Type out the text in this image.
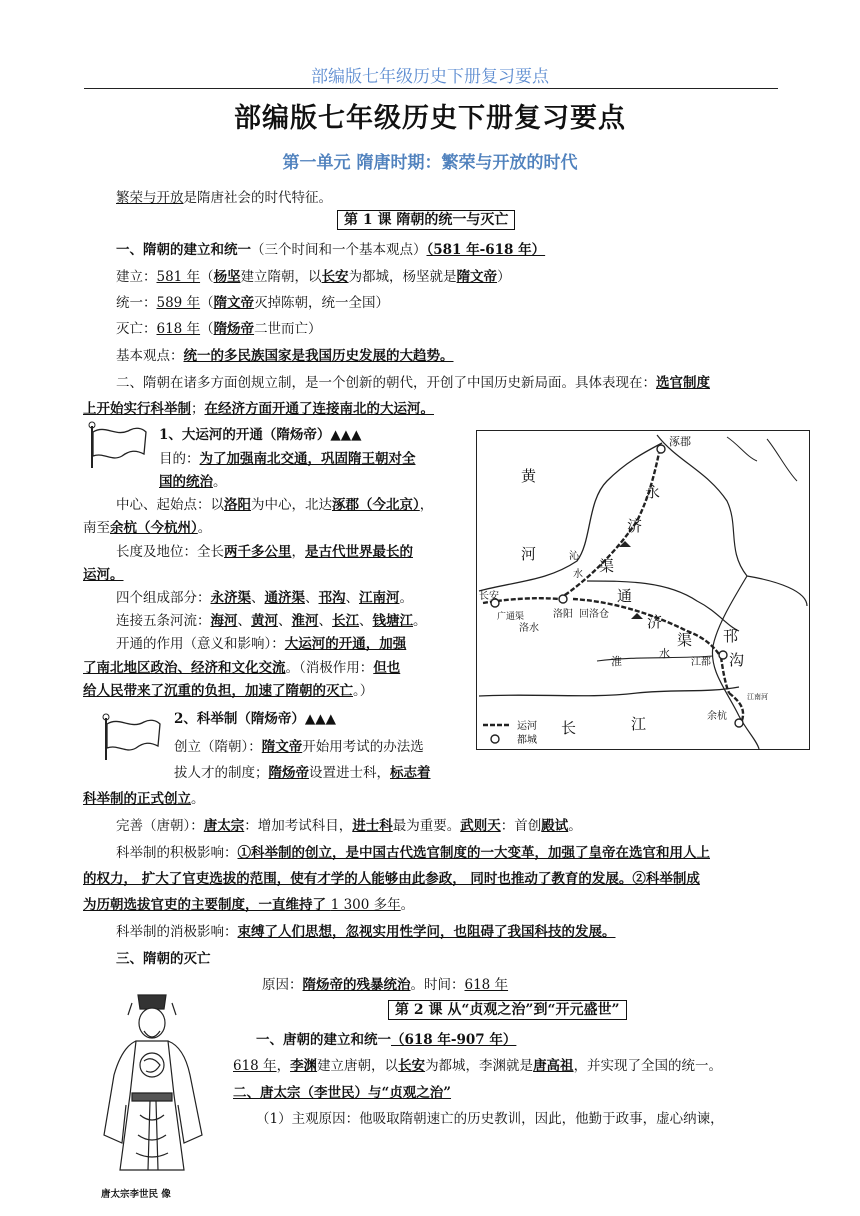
部编版七年级历史下册复习要点
部编版七年级历史下册复习要点
第一单元 隋唐时期：繁荣与开放的时代
繁荣与开放是隋唐社会的时代特征。
第 1 课 隋朝的统一与灭亡
一、隋朝的建立和统一（三个时间和一个基本观点）（581 年-618 年）
建立：581 年（杨坚建立隋朝，以长安为都城，杨坚就是隋文帝）
统一：589 年（隋文帝灭掉陈朝，统一全国）
灭亡：618 年（隋炀帝二世而亡）
基本观点：统一的多民族国家是我国历史发展的大趋势。
二、隋朝在诸多方面创规立制，是一个创新的朝代，开创了中国历史新局面。具体表现在：选官制度
上开始实行科举制；在经济方面开通了连接南北的大运河。
1、大运河的开通（隋炀帝）▲▲▲
目的：为了加强南北交通，巩固隋王朝对全
国的统治。
中心、起始点：以洛阳为中心，北达涿郡（今北京），
南至余杭（今杭州）。
长度及地位：全长两千多公里，是古代世界最长的
运河。
四个组成部分：永济渠、通济渠、邗沟、江南河。
连接五条河流：海河、黄河、淮河、长江、钱塘江。
开通的作用（意义和影响）：大运河的开通，加强
了南北地区政治、经济和文化交流。（消极作用：但也
给人民带来了沉重的负担，加速了隋朝的灭亡。）
2、科举制（隋炀帝）▲▲▲
创立（隋朝）：隋文帝开始用考试的办法选
拔人才的制度；隋炀帝设置进士科，标志着
科举制的正式创立。
完善（唐朝）：唐太宗：增加考试科目，进士科最为重要。武则天：首创殿试。
科举制的积极影响：①科举制的创立，是中国古代选官制度的一大变革，加强了皇帝在选官和用人上
的权力， 扩大了官吏选拔的范围，使有才学的人能够由此参政， 同时也推动了教育的发展。②科举制成
为历朝选拔官吏的主要制度，一直维持了 1 300 多年。
科举制的消极影响：束缚了人们思想，忽视实用性学问，也阻碍了我国科技的发展。
三、隋朝的灭亡
原因：隋炀帝的残暴统治。时间：618 年
第 2 课 从“贞观之治”到“开元盛世”
一、唐朝的建立和统一（618 年-907 年）
618 年，李渊建立唐朝，以长安为都城，李渊就是唐高祖，并实现了全国的统一。
二、唐太宗（李世民）与“贞观之治”
（1）主观原因：他吸取隋朝速亡的历史教训，因此，他勤于政事，虚心纳谏，
唐太宗李世民 像
涿郡
黄
永
河
济
渠
沁
水
长安
洛阳
洛水
通
济
渠
广通渠	回洛仓
淮
水
江都
邗
沟
长	江	余杭
江南河
运河
都城
